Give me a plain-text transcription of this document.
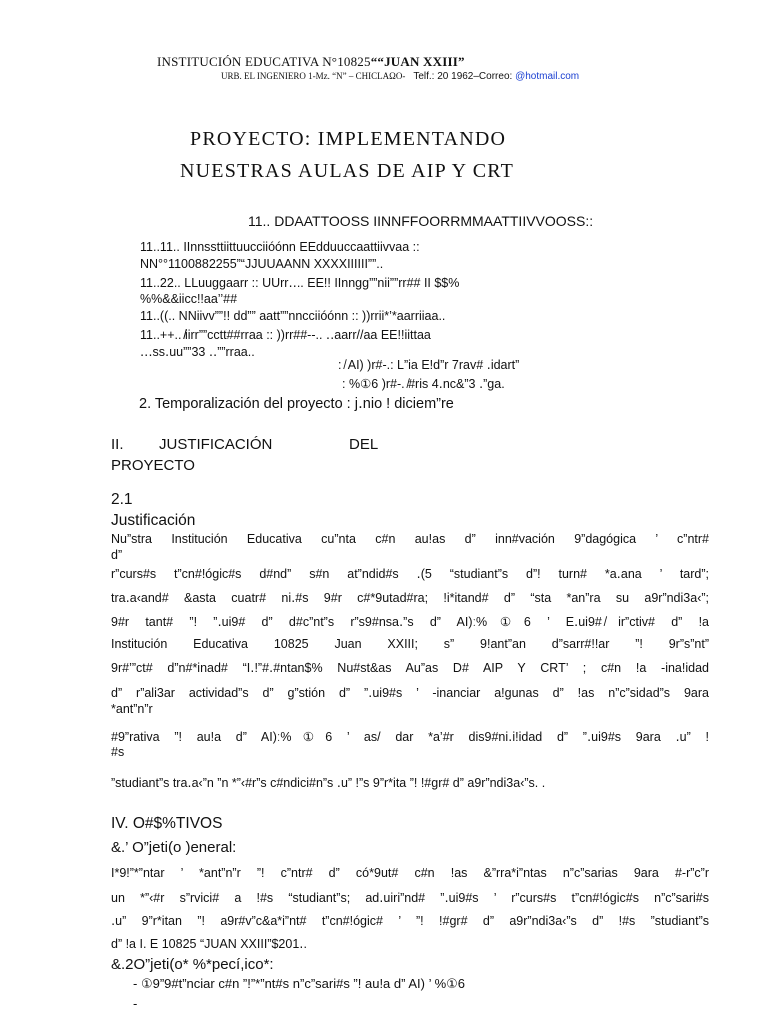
INSTITUCIÓN EDUCATIVA N°10825““JUAN XXIII”
URB. EL INGENIERO 1-Mz. “N” – CHICLAΩO- Telf.: 20 1962–Correo: @hotmail.com
PROYECTO: IMPLEMENTANDO
NUESTRAS AULAS DE AIP Y CRT
11.. DDAATTOOSS IINNFFOORRMMAATTIIVVOOSS::
11..11.. IInnssttiittuucciióónn EEdduuccaattiivvaa ::
NN°°1100882255”“JJUUAANN XXXXIIIIII””..
11..22.. LLuuggaarr :: UUrr․․.. EE!! IInngg””nii””rr## II $$%
%%&&iicc!!aa’’##
11..((.. NNiivv””!! dd”” aatt””nncciióónn :: ))rrii*’*aarriiaa..
11..++.. ̸̸iirr””cctt##rraa :: ))rr##--.. ․․aarr//aa EE!!iittaa
․․․ss․uu””33 ․․””rraa..
: ̸ AI) )r#-.: L”ia E!d”r 7rav# ․idart”
: %①6 )r#-. ̸#ris 4․nc&”3 ․”ga.
2. Temporalización del proyecto : j․nio ! diciem”re
II. JUSTIFICACIÓN	DEL
PROYECTO
2.1
Justificación
Nu”stra Institución Educativa cu”nta c#n au!as d” inn#vación 9”dagógica ’ c”ntr#
d”
r”curs#s t”cn#!ógic#s d#nd” s#n at”ndid#s ․(5 “studiant”s d”! turn# *a․ana ’ tard”;
tra․a‹and# &asta cuatr# ni․#s 9#r c#*9utad#ra; !i*itand# d” “sta *an”ra su a9r”ndi3a‹”;
9#r tant# ”! ”․ui9# d” d#c”nt”s r”s9#nsa․”s d” AI)ː%①6 ’ E․ui9# ̸ir”ctiv# d” !a
Institución Educativa 10825 Juan XXIII; s” 9!ant”an d”sarr#!!ar ”! 9r”s”nt”
9r#’”ct# d”n#*inad# “I․!”#․#ntan$% Nu#st&as Au”as D# AIP Y CRT’ ; c#n !a -ina!idad
d” r”ali3ar actividad”s d” g”stión d” ”․ui9#s ’ -inanciar a!gunas d” !as n”c”sidad”s 9ara
*ant”n”r
#9”rativa ”! au!a d” AI)ː%①6 ’ as/ dar *a’#r dis9#ni․i!idad d” ”․ui9#s 9ara ․u” !
#s
”studiant”s tra․a‹”n ”n *”‹#r”s c#ndici#n”s ․u” !”s 9”r*ita ”! !#gr# d” a9r”ndi3a‹”s. .
IV. O#$%TIVOS
&.’ O”jeti(o )eneral:
I*9!”*”ntar ’ *ant”n”r ”! c”ntr# d” có*9ut# c#n !as &”rra*i”ntas n”c”sarias 9ara #-r”c”r
un *”‹#r s”rvici# a !#s “studiant”s; ad․uiri”nd# ”․ui9#s ’ r”curs#s t”cn#!ógic#s n”c”sari#s
․u” 9”r*itan ”! a9r#v”c&a*i”nt# t”cn#!ógic# ’ ”! !#gr# d” a9r”ndi3a‹”s d” !#s ”studiant”s
d” !a I. E 10825 “JUAN XXIII”$201․.
&.2O”jeti(o* %*pecí,ico*:
- ①9”9#t”nciar c#n ”!”*”nt#s n”c”sari#s ”! au!a d” AI) ’ %①6
-
